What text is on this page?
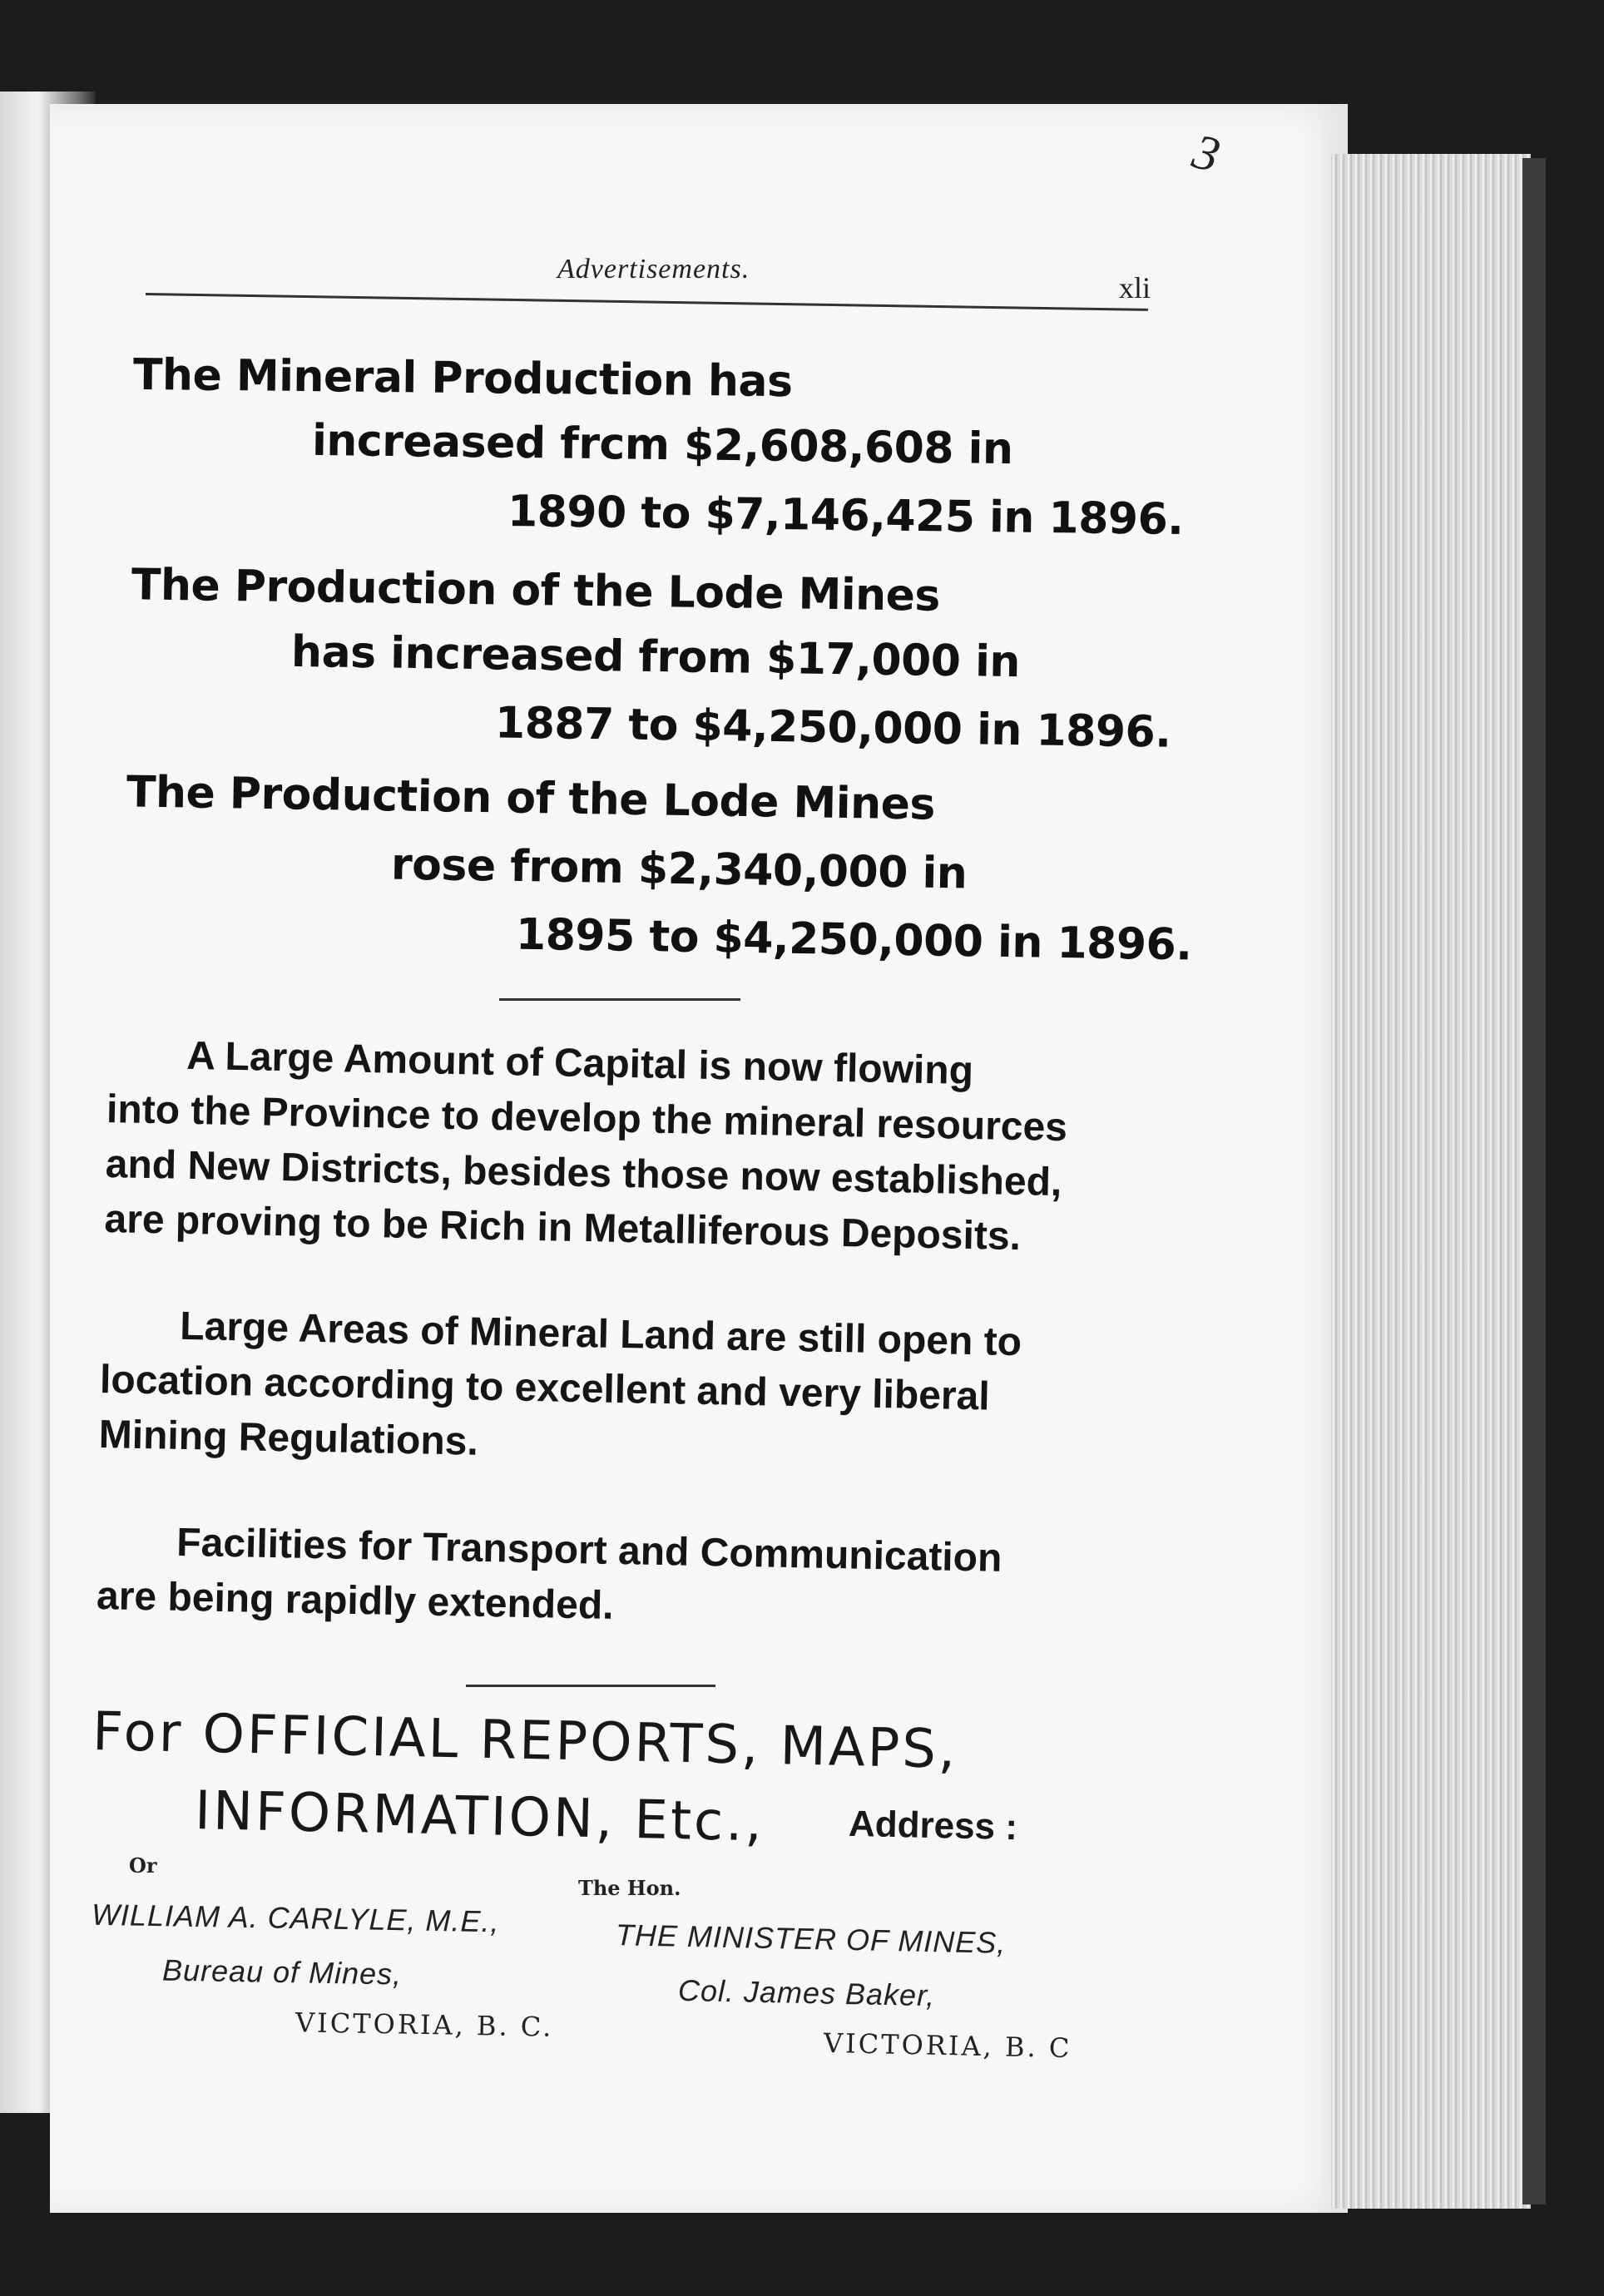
3
Advertisements.
xli
The Mineral Production has
increased frcm $2,608,608 in
1890 to $7,146,425 in 1896.
The Production of the Lode Mines
has increased from $17,000 in
1887 to $4,250,000 in 1896.
The Production of the Lode Mines
rose from $2,340,000 in
1895 to $4,250,000 in 1896.
A Large Amount of Capital is now flowing
into the Province to develop the mineral resources
and New Districts, besides those now established,
are proving to be Rich in Metalliferous Deposits.
Large Areas of Mineral Land are still open to
location according to excellent and very liberal
Mining Regulations.
Facilities for Transport and Communication
are being rapidly extended.
For OFFICIAL REPORTS, MAPS,
INFORMATION, Etc., Address :
Or
The Hon.
WILLIAM A. CARLYLE, M.E.,
Bureau of Mines,
VICTORIA, B. C.
THE MINISTER OF MINES,
Col. James Baker,
VICTORIA, B. C
